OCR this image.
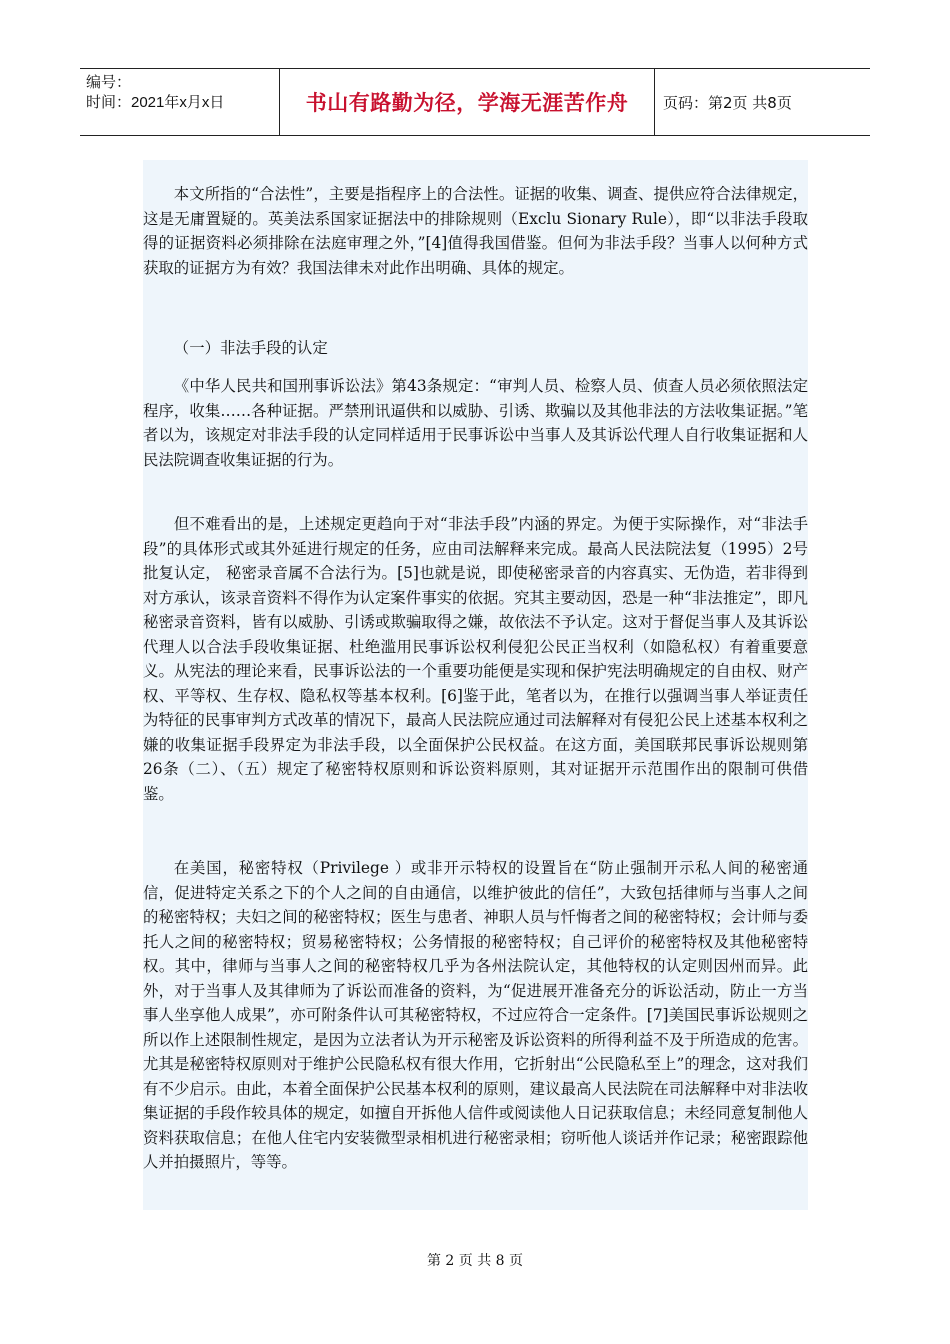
编号：
时间：2021年x月x日	书山有路勤为径，学海无涯苦作舟	页码：第2页 共8页

本文所指的“合法性”，主要是指程序上的合法性。证据的收集、调查、提供应符合法律规定，这是无庸置疑的。英美法系国家证据法中的排除规则（Exclu Sionary Rule），即“以非法手段取得的证据资料必须排除在法庭审理之外，”[4]值得我国借鉴。但何为非法手段？当事人以何种方式获取的证据方为有效？我国法律未对此作出明确、具体的规定。

（一）非法手段的认定

《中华人民共和国刑事诉讼法》第43条规定：“审判人员、检察人员、侦查人员必须依照法定程序，收集……各种证据。严禁刑讯逼供和以威胁、引诱、欺骗以及其他非法的方法收集证据。”笔者以为，该规定对非法手段的认定同样适用于民事诉讼中当事人及其诉讼代理人自行收集证据和人民法院调查收集证据的行为。

但不难看出的是，上述规定更趋向于对“非法手段”内涵的界定。为便于实际操作，对“非法手段”的具体形式或其外延进行规定的任务，应由司法解释来完成。最高人民法院法复（1995）2号批复认定， 秘密录音属不合法行为。[5]也就是说，即使秘密录音的内容真实、无伪造，若非得到对方承认，该录音资料不得作为认定案件事实的依据。究其主要动因，恐是一种“非法推定”，即凡秘密录音资料，皆有以威胁、引诱或欺骗取得之嫌，故依法不予认定。这对于督促当事人及其诉讼代理人以合法手段收集证据、杜绝滥用民事诉讼权利侵犯公民正当权利（如隐私权）有着重要意义。从宪法的理论来看，民事诉讼法的一个重要功能便是实现和保护宪法明确规定的自由权、财产权、平等权、生存权、隐私权等基本权利。[6]鉴于此，笔者以为，在推行以强调当事人举证责任为特征的民事审判方式改革的情况下，最高人民法院应通过司法解释对有侵犯公民上述基本权利之嫌的收集证据手段界定为非法手段，以全面保护公民权益。在这方面，美国联邦民事诉讼规则第26条（二）、（五）规定了秘密特权原则和诉讼资料原则，其对证据开示范围作出的限制可供借鉴。

在美国，秘密特权（Privilege ）或非开示特权的设置旨在“防止强制开示私人间的秘密通信，促进特定关系之下的个人之间的自由通信，以维护彼此的信任”，大致包括律师与当事人之间的秘密特权；夫妇之间的秘密特权；医生与患者、神职人员与忏悔者之间的秘密特权；会计师与委托人之间的秘密特权；贸易秘密特权；公务情报的秘密特权；自己评价的秘密特权及其他秘密特权。其中，律师与当事人之间的秘密特权几乎为各州法院认定，其他特权的认定则因州而异。此外，对于当事人及其律师为了诉讼而准备的资料，为“促进展开准备充分的诉讼活动，防止一方当事人坐享他人成果”，亦可附条件认可其秘密特权，不过应符合一定条件。[7]美国民事诉讼规则之所以作上述限制性规定，是因为立法者认为开示秘密及诉讼资料的所得利益不及于所造成的危害。尤其是秘密特权原则对于维护公民隐私权有很大作用，它折射出“公民隐私至上”的理念，这对我们有不少启示。由此，本着全面保护公民基本权利的原则，建议最高人民法院在司法解释中对非法收集证据的手段作较具体的规定，如擅自开拆他人信件或阅读他人日记获取信息；未经同意复制他人资料获取信息；在他人住宅内安装微型录相机进行秘密录相；窃听他人谈话并作记录；秘密跟踪他人并拍摄照片，等等。

第 2 页 共 8 页
